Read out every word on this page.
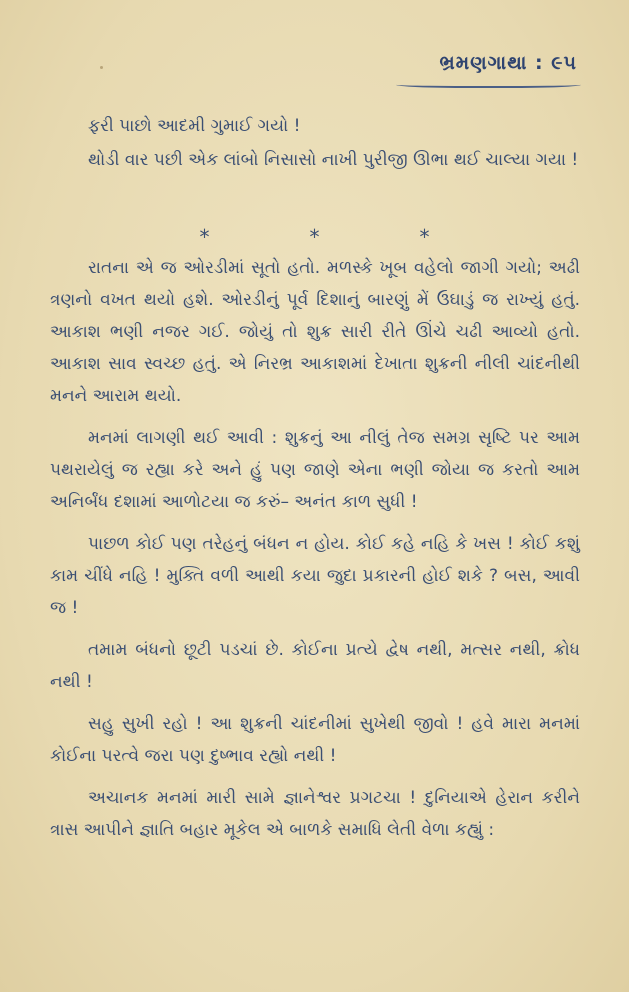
ભ્રમણગાથા : ૯૫

ફરી પાછો આદમી ગુમાઈ ગયો !

થોડી વાર પછી એક લાંબો નિસાસો નાખી પુરીજી ઊભા થઈ ચાલ્યા ગયા !

*	*	*

રાતના એ જ ઓરડીમાં સૂતો હતો. મળસ્કે ખૂબ વહેલો જાગી ગયો; અઢી ત્રણનો વખત થયો હશે. ઓરડીનું પૂર્વ દિશાનું બારણું મેં ઉઘાડું જ રાખ્યું હતું. આકાશ ભણી નજર ગઈ. જોયું તો શુક્ર સારી રીતે ઊંચે ચઢી આવ્યો હતો. આકાશ સાવ સ્વચ્છ હતું. એ નિરભ્ર આકાશમાં દેખાતા શુક્રની નીલી ચાંદનીથી મનને આરામ થયો.

મનમાં લાગણી થઈ આવી : શુક્રનું આ નીલું તેજ સમગ્ર સૃષ્ટિ પર આમ પથરાયેલું જ રહ્યા કરે અને હું પણ જાણે એના ભણી જોયા જ કરતો આમ અનિર્બંધ દશામાં આળોટયા જ કરું– અનંત કાળ સુધી !

પાછળ કોઈ પણ તરેહનું બંધન ન હોય. કોઈ કહે નહિ કે ખસ ! કોઈ કશું કામ ચીંધે નહિ ! મુક્તિ વળી આથી કયા જુદા પ્રકારની હોઈ શકે ? બસ, આવી જ !

તમામ બંધનો છૂટી પડચાં છે. કોઈના પ્રત્યે દ્વેષ નથી, મત્સર નથી, ક્રોધ નથી !

સહુ સુખી રહો ! આ શુક્રની ચાંદનીમાં સુખેથી જીવો ! હવે મારા મનમાં કોઈના પરત્વે જરા પણ દુષ્ભાવ રહ્યો નથી !

અચાનક મનમાં મારી સામે જ્ઞાનેશ્વર પ્રગટચા ! દુનિયાએ હેરાન કરીને ત્રાસ આપીને જ્ઞાતિ બહાર મૂકેલ એ બાળકે સમાધિ લેતી વેળા કહ્યું :
